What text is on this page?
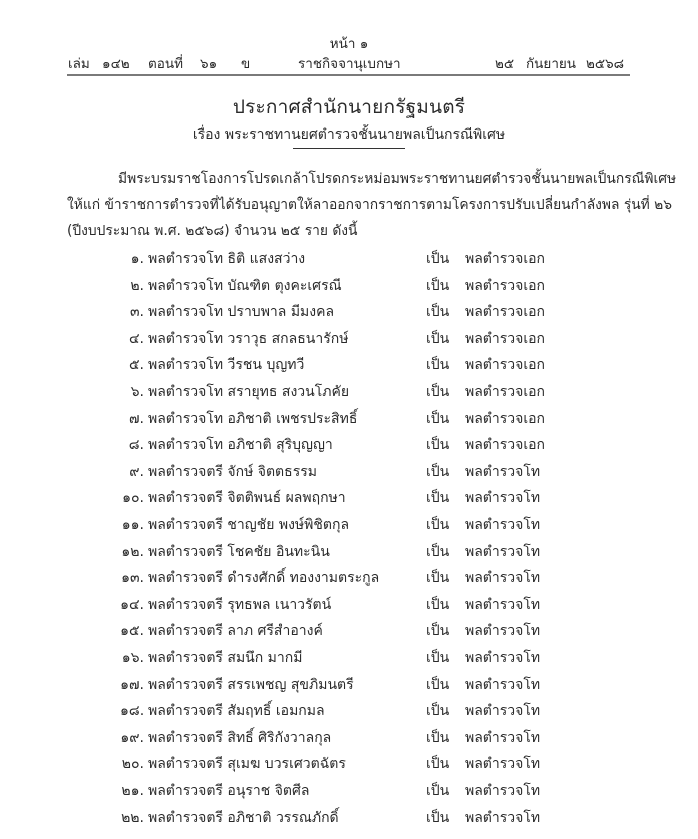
หน้า ๑
เล่ม ๑๔๒ ตอนที่ ๖๑ ข	ราชกิจจานุเบกษา	๒๕ กันยายน ๒๕๖๘
ประกาศสำนักนายกรัฐมนตรี
เรื่อง พระราชทานยศตำรวจชั้นนายพลเป็นกรณีพิเศษ
มีพระบรมราชโองการโปรดเกล้าโปรดกระหม่อมพระราชทานยศตำรวจชั้นนายพลเป็นกรณีพิเศษ
ให้แก่ ข้าราชการตำรวจที่ได้รับอนุญาตให้ลาออกจากราชการตามโครงการปรับเปลี่ยนกำลังพล รุ่นที่ ๒๖
(ปีงบประมาณ พ.ศ. ๒๕๖๘) จำนวน ๒๕ ราย ดังนี้
๑. พลตำรวจโท ธิติ แสงสว่าง	เป็น พลตำรวจเอก
๒. พลตำรวจโท บัณฑิต ตุงคะเศรณี	เป็น พลตำรวจเอก
๓. พลตำรวจโท ปราบพาล มีมงคล	เป็น พลตำรวจเอก
๔. พลตำรวจโท วราวุธ สกลธนารักษ์	เป็น พลตำรวจเอก
๕. พลตำรวจโท วีรชน บุญทวี	เป็น พลตำรวจเอก
๖. พลตำรวจโท สรายุทธ สงวนโภคัย	เป็น พลตำรวจเอก
๗. พลตำรวจโท อภิชาติ เพชรประสิทธิ์	เป็น พลตำรวจเอก
๘. พลตำรวจโท อภิชาติ สุริบุญญา	เป็น พลตำรวจเอก
๙. พลตำรวจตรี จักษ์ จิตตธรรม	เป็น พลตำรวจโท
๑๐. พลตำรวจตรี จิตติพนธ์ ผลพฤกษา	เป็น พลตำรวจโท
๑๑. พลตำรวจตรี ชาญชัย พงษ์พิชิตกุล	เป็น พลตำรวจโท
๑๒. พลตำรวจตรี โชคชัย อินทะนิน	เป็น พลตำรวจโท
๑๓. พลตำรวจตรี ดำรงศักดิ์ ทองงามตระกูล	เป็น พลตำรวจโท
๑๔. พลตำรวจตรี รุทธพล เนาวรัตน์	เป็น พลตำรวจโท
๑๕. พลตำรวจตรี ลาภ ศรีสำอางค์	เป็น พลตำรวจโท
๑๖. พลตำรวจตรี สมนึก มากมี	เป็น พลตำรวจโท
๑๗. พลตำรวจตรี สรรเพชญ สุขภิมนตรี	เป็น พลตำรวจโท
๑๘. พลตำรวจตรี สัมฤทธิ์ เอมกมล	เป็น พลตำรวจโท
๑๙. พลตำรวจตรี สิทธิ์ ศิริกังวาลกุล	เป็น พลตำรวจโท
๒๐. พลตำรวจตรี สุเมฆ บวรเศวตฉัตร	เป็น พลตำรวจโท
๒๑. พลตำรวจตรี อนุราช จิตศีล	เป็น พลตำรวจโท
๒๒. พลตำรวจตรี อภิชาติ วรรณภักดิ์	เป็น พลตำรวจโท
